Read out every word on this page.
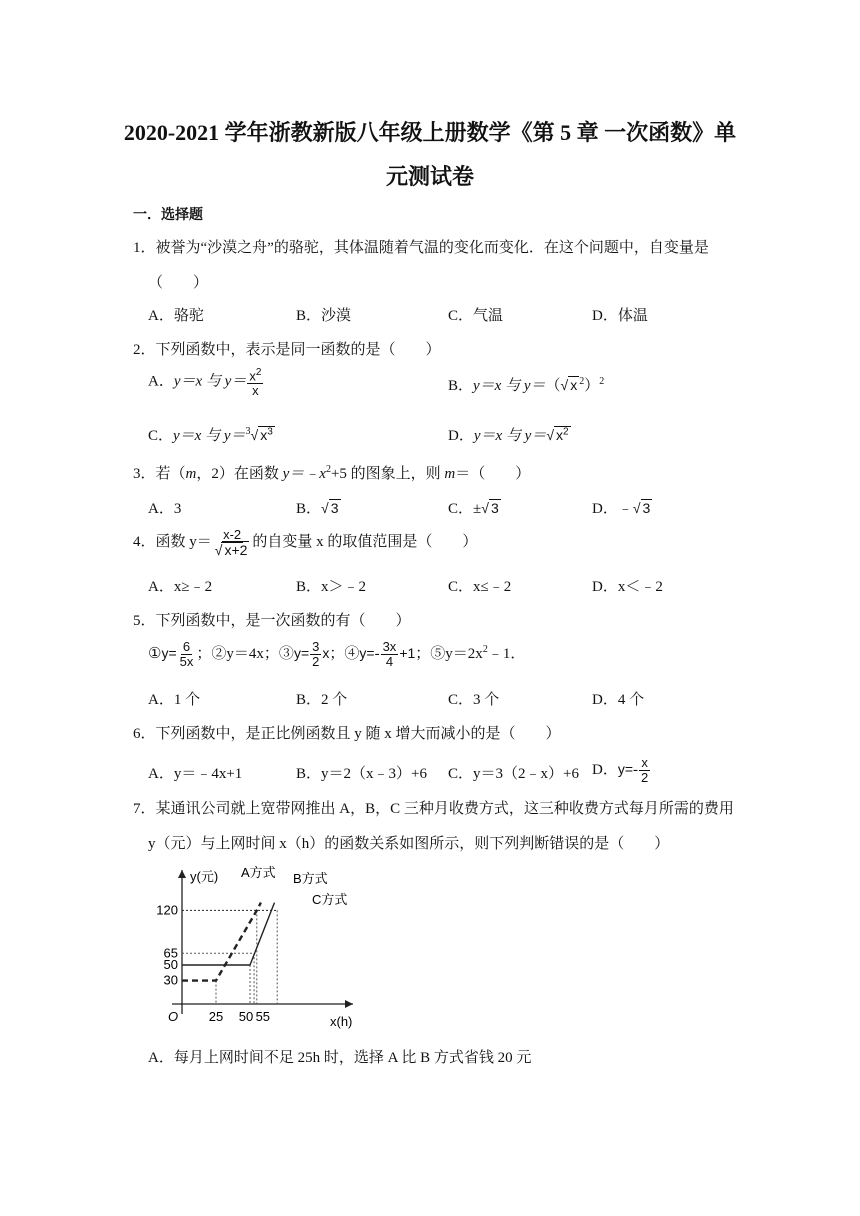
2020-2021 学年浙教新版八年级上册数学《第 5 章 一次函数》单
元测试卷
一．选择题
1．被誉为“沙漠之舟”的骆驼，其体温随着气温的变化而变化．在这个问题中，自变量是
（　　）
A．骆驼	B．沙漠	C．气温	D．体温
2．下列函数中，表示是同一函数的是（　　）
A．y＝x 与 $y= \frac{x^2}{x}$	B．y＝x 与 y＝（√ x $^2$）$^2$
C．y＝x 与 y＝$^3$√ $x^3$	D．y＝x 与 y＝√ $x^2$
3．若（m，2）在函数 $y=﹣x^2+5$ 的图象上，则 m＝（　　）
A．3	B．√ 3	C．±√ 3	D．﹣√ 3
4．函数 $y= \frac{x-2}{√ x+2}$ 的自变量 x 的取值范围是（　　）
A．x≥﹣2	B．x＞﹣2	C．x≤﹣2	D．x＜﹣2
5．下列函数中，是一次函数的有（　　）
①y= $\frac{6}{5x}$ ；②y＝4x；③y= $\frac{3}{2}$ x；④y=- $\frac{3x}{4} +1$；$⑤y=2x^2﹣1$．
A．1 个	B．2 个	C．3 个	D．4 个
6．下列函数中，是正比例函数且 y 随 x 增大而减小的是（　　）
A．y＝﹣4x+1	B．y＝2（x﹣3）+6 C．y＝3（2﹣x）+6 D．$y=- \frac{x}{2}$
7．某通讯公司就上宽带网推出 A，B，C 三种月收费方式，这三种收费方式每月所需的费用
y（元）与上网时间 x（h）的函数关系如图所示，则下列判断错误的是（　　）
y(元)
x(h)
O
30
50
65
120
25 50 55
A方式 B方式
C方式
A．每月上网时间不足 25h 时，选择 A 比 B 方式省钱 20 元
